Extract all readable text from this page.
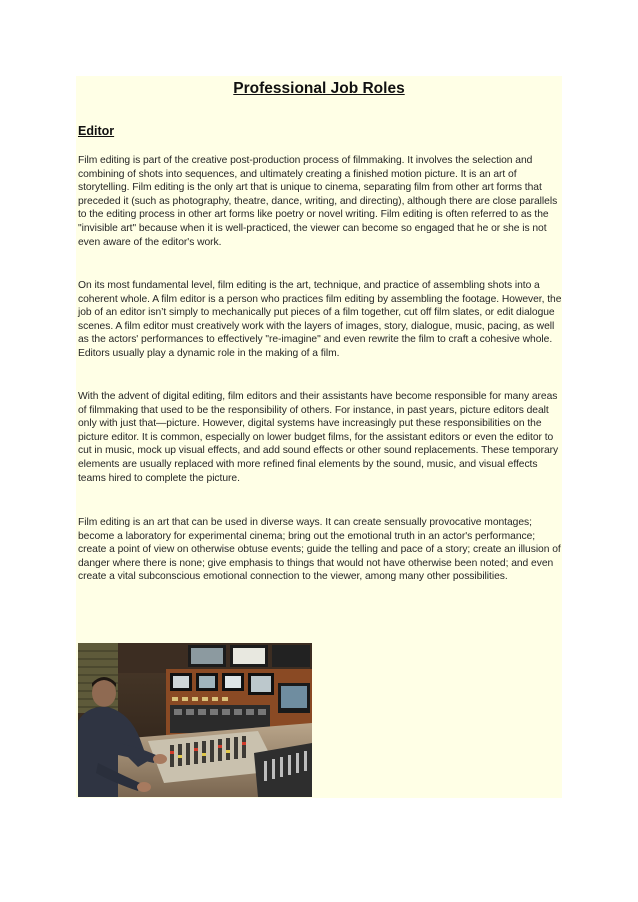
Professional Job Roles
Editor

Film editing is part of the creative post-production process of filmmaking. It involves the selection and combining of shots into sequences, and ultimately creating a finished motion picture. It is an art of storytelling. Film editing is the only art that is unique to cinema, separating film from other art forms that preceded it (such as photography, theatre, dance, writing, and directing), although there are close parallels to the editing process in other art forms like poetry or novel writing. Film editing is often referred to as the "invisible art" because when it is well-practiced, the viewer can become so engaged that he or she is not even aware of the editor's work.

On its most fundamental level, film editing is the art, technique, and practice of assembling shots into a coherent whole. A film editor is a person who practices film editing by assembling the footage. However, the job of an editor isn’t simply to mechanically put pieces of a film together, cut off film slates, or edit dialogue scenes. A film editor must creatively work with the layers of images, story, dialogue, music, pacing, as well as the actors' performances to effectively "re-imagine" and even rewrite the film to craft a cohesive whole. Editors usually play a dynamic role in the making of a film.

With the advent of digital editing, film editors and their assistants have become responsible for many areas of filmmaking that used to be the responsibility of others. For instance, in past years, picture editors dealt only with just that—picture. However, digital systems have increasingly put these responsibilities on the picture editor. It is common, especially on lower budget films, for the assistant editors or even the editor to cut in music, mock up visual effects, and add sound effects or other sound replacements. These temporary elements are usually replaced with more refined final elements by the sound, music, and visual effects teams hired to complete the picture.

Film editing is an art that can be used in diverse ways. It can create sensually provocative montages; become a laboratory for experimental cinema; bring out the emotional truth in an actor's performance; create a point of view on otherwise obtuse events; guide the telling and pace of a story; create an illusion of danger where there is none; give emphasis to things that would not have otherwise been noted; and even create a vital subconscious emotional connection to the viewer, among many other possibilities.
